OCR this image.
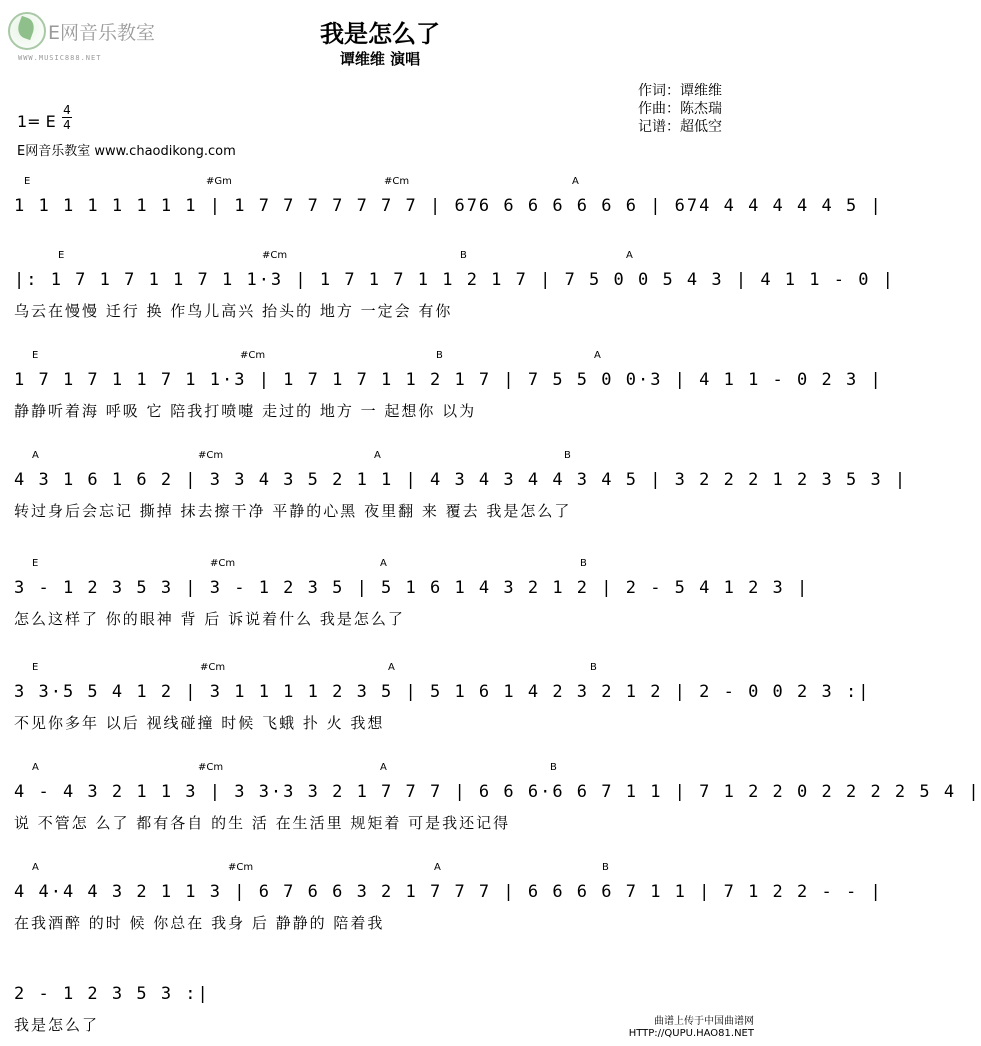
E网音乐教室
WWW.MUSIC888.NET
我是怎么了
谭维维 演唱
作词：谭维维
作曲：陈杰瑞
记谱：超低空
1= E
4
4
E网音乐教室 www.chaodikong.com
E	#Gm	#Cm	A
1 1 1 1 1 1 1 1 | 1 7 7 7 7 7 7 7 | 676 6 6 6 6 6 6 | 674 4 4 4 4 4 5 |
E	#Cm	B	A
|: 1 7 1 7 1 1 7 1 1·3 | 1 7 1 7 1 1 2 1 7 | 7 5 0 0 5 4 3 | 4 1 1 - 0 |
乌云在慢慢 迁行 换 作鸟儿高兴 抬头的 地方 一定会 有你
E	#Cm	B	A
1 7 1 7 1 1 7 1 1·3 | 1 7 1 7 1 1 2 1 7 | 7 5 5 0 0·3 | 4 1 1 - 0 2 3 |
静静听着海 呼吸 它 陪我打喷嚏 走过的 地方 一 起想你 以为
A	#Cm	A	B
4 3 1 6 1 6 2 | 3 3 4 3 5 2 1 1 | 4 3 4 3 4 4 3 4 5 | 3 2 2 2 1 2 3 5 3 |
转过身后会忘记 撕掉 抹去擦干净 平静的心黑 夜里翻 来 覆去 我是怎么了
E	#Cm	A	B
3 - 1 2 3 5 3 | 3 - 1 2 3 5 | 5 1 6 1 4 3 2 1 2 | 2 - 5 4 1 2 3 |
怎么这样了 你的眼神 背 后 诉说着什么 我是怎么了
E	#Cm	A	B
3 3·5 5 4 1 2 | 3 1 1 1 1 2 3 5 | 5 1 6 1 4 2 3 2 1 2 | 2 - 0 0 2 3 :|
不见你多年 以后 视线碰撞 时候 飞蛾 扑 火 我想
A	#Cm	A	B
4 - 4 3 2 1 1 3 | 3 3·3 3 2 1 7 7 7 | 6 6 6·6 6 7 1 1 | 7 1 2 2 0 2 2 2 2 5 4 |
说 不管怎 么了 都有各自 的生 活 在生活里 规矩着 可是我还记得
A	#Cm	A	B
4 4·4 4 3 2 1 1 3 | 6 7 6 6 3 2 1 7 7 7 | 6 6 6 6 7 1 1 | 7 1 2 2 - - |
在我酒醉 的时 候 你总在 我身 后 静静的 陪着我
2 - 1 2 3 5 3 :|
我是怎么了	曲谱上传于中国曲谱网
HTTP://QUPU.HAO81.NET
